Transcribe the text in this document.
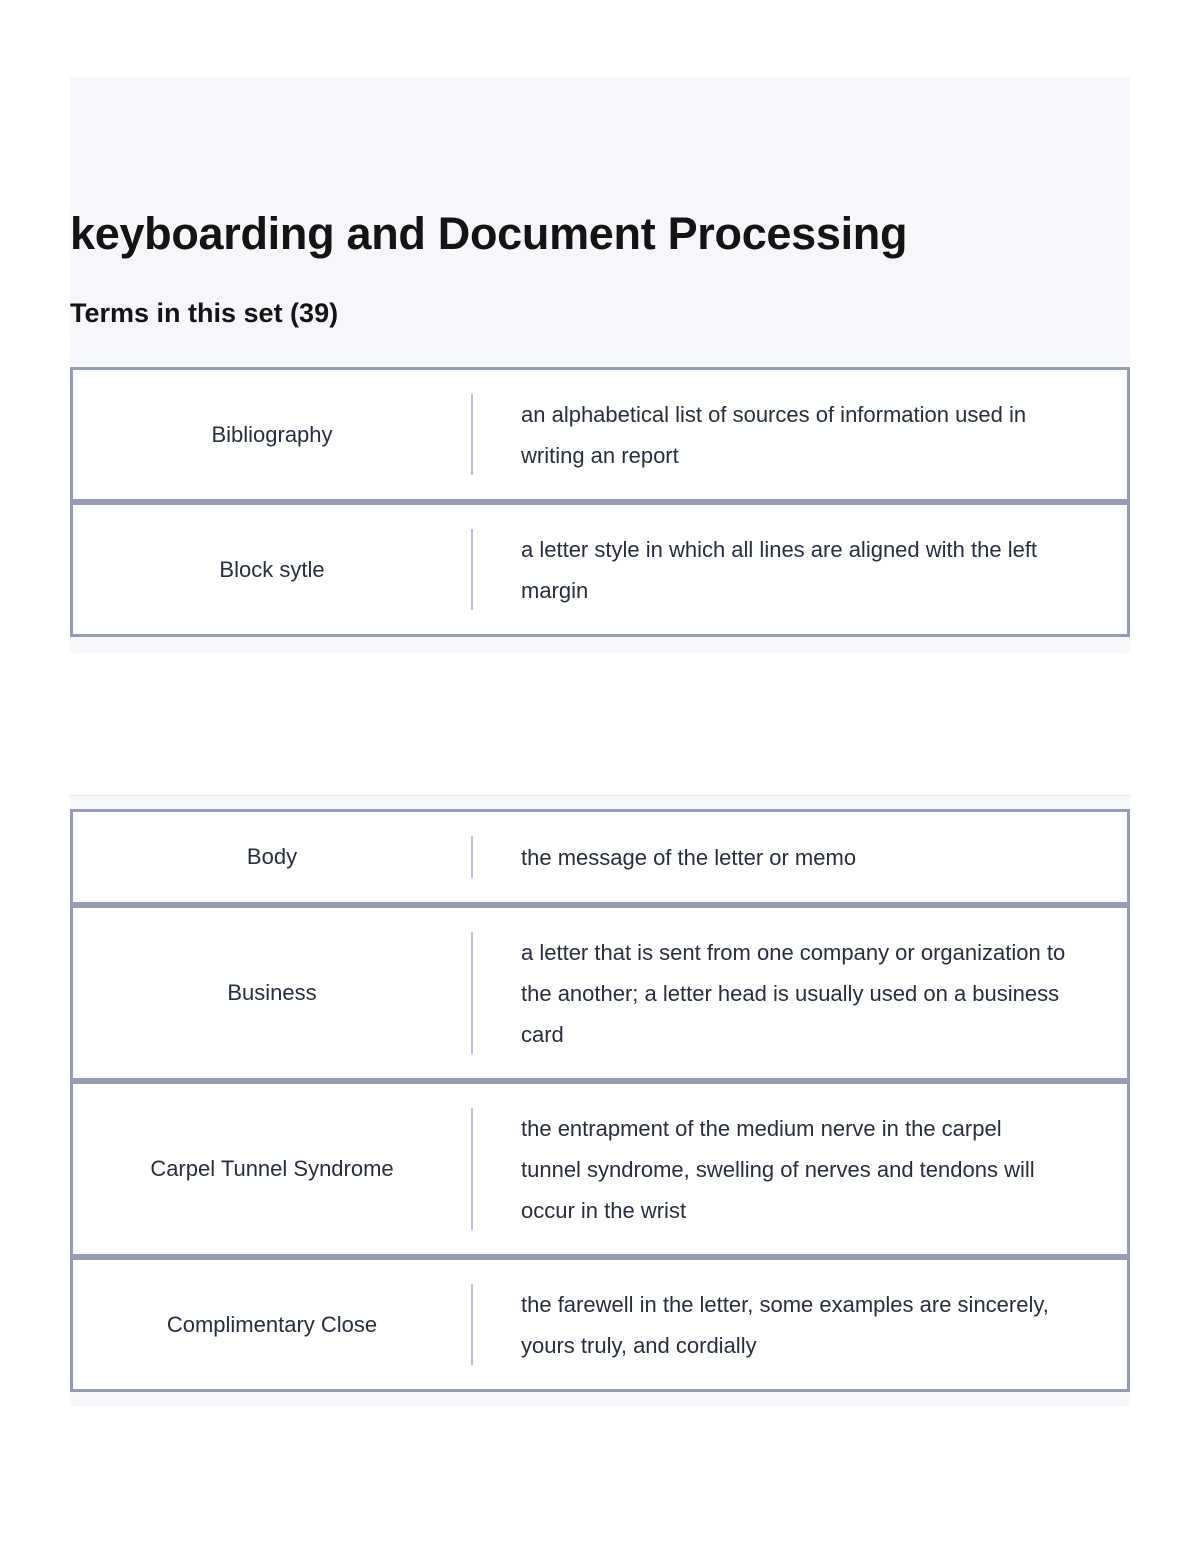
keyboarding and Document Processing
Terms in this set (39)
Bibliography
an alphabetical list of sources of information used in writing an report
Block sytle
a letter style in which all lines are aligned with the left margin
Body	the message of the letter or memo
Business
a letter that is sent from one company or organization to the another; a letter head is usually used on a business card
Carpel Tunnel Syndrome
the entrapment of the medium nerve in the carpel tunnel syndrome, swelling of nerves and tendons will occur in the wrist
Complimentary Close
the farewell in the letter, some examples are sincerely, yours truly, and cordially
